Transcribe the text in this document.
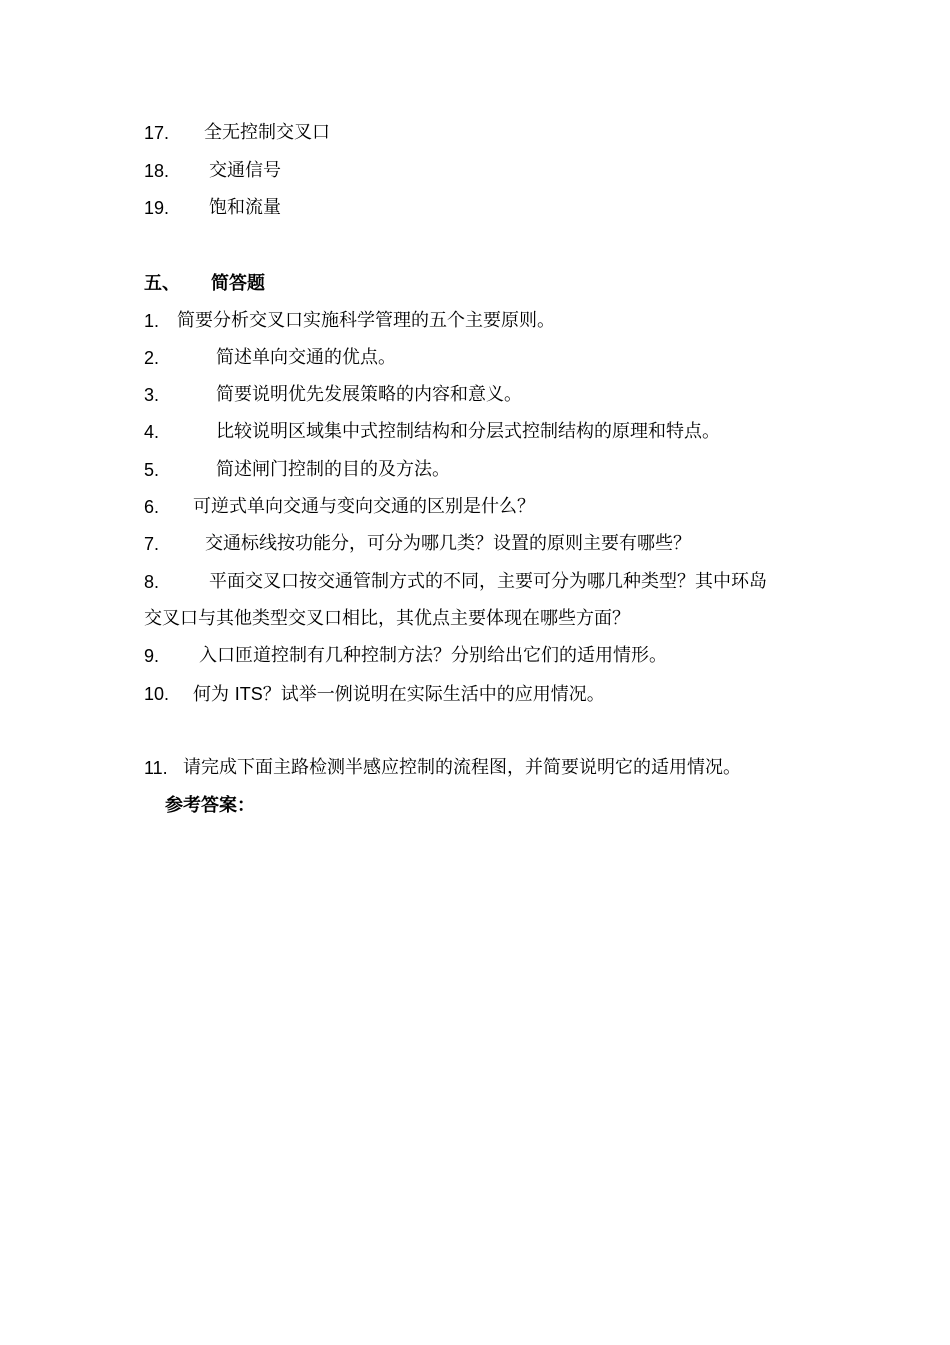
17. 全无控制交叉口
18. 交通信号
19. 饱和流量
五、 简答题
1. 简要分析交叉口实施科学管理的五个主要原则。
2.	简述单向交通的优点。
3.	简要说明优先发展策略的内容和意义。
4.	比较说明区域集中式控制结构和分层式控制结构的原理和特点。
5.	简述闸门控制的目的及方法。
6. 可逆式单向交通与变向交通的区别是什么？
7.	交通标线按功能分，可分为哪几类？设置的原则主要有哪些？
8.	平面交叉口按交通管制方式的不同，主要可分为哪几种类型？其中环岛
交叉口与其他类型交叉口相比，其优点主要体现在哪些方面？
9. 入口匝道控制有几种控制方法？分别给出它们的适用情形。
10. 何为 ITS？试举一例说明在实际生活中的应用情况。
11. 请完成下面主路检测半感应控制的流程图，并简要说明它的适用情况。
参考答案：
